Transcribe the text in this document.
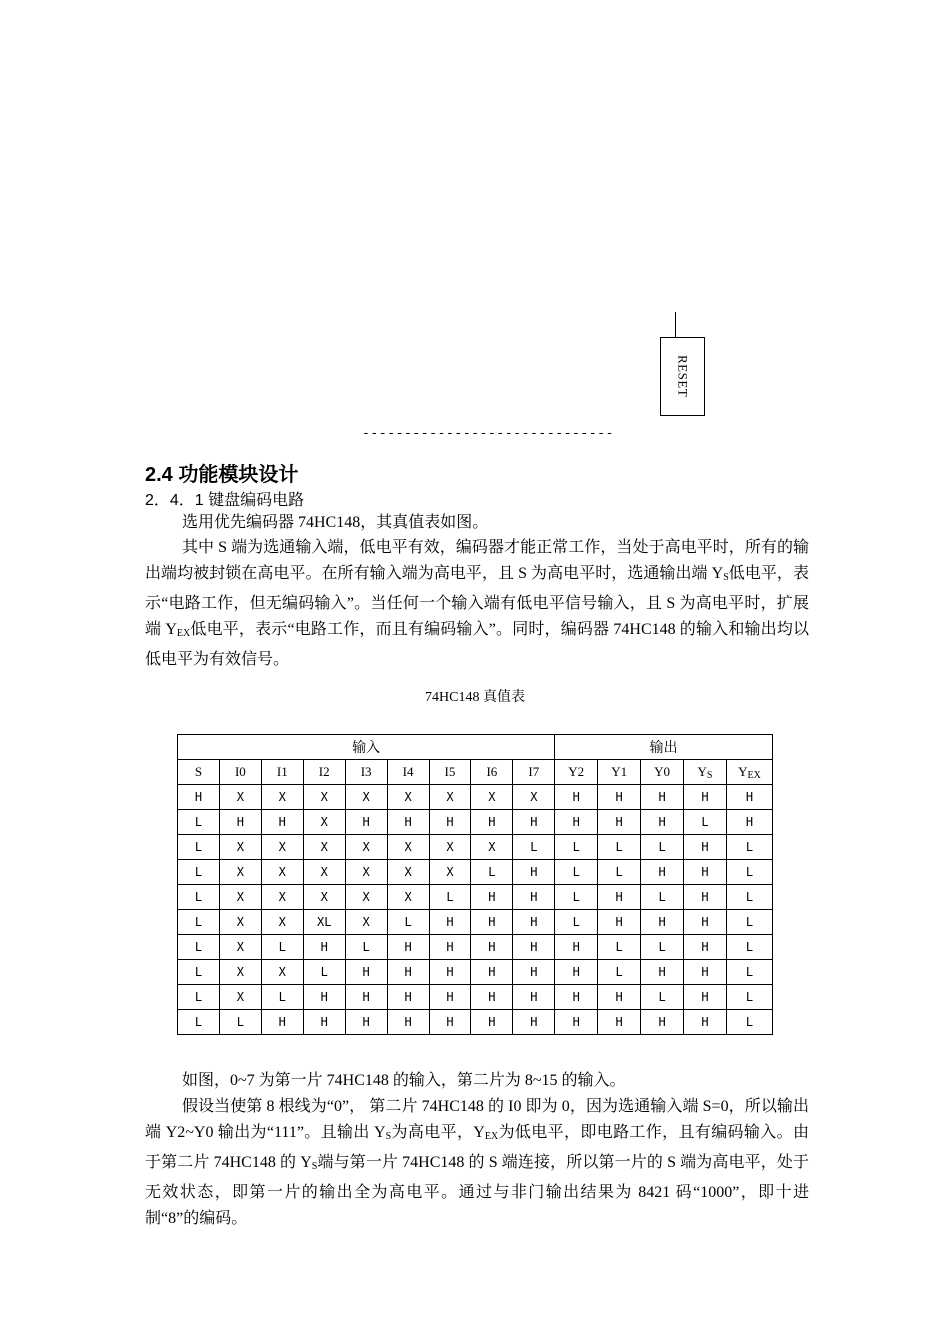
RESET
------------------------------
2.4 功能模块设计
2．4．1 键盘编码电路
选用优先编码器 74HC148，其真值表如图。
其中 S 端为选通输入端，低电平有效，编码器才能正常工作，当处于高电平时，所有的输出端均被封锁在高电平。在所有输入端为高电平，且 S 为高电平时，选通输出端 $Y_S$低电平，表示“电路工作，但无编码输入”。当任何一个输入端有低电平信号输入，且 S 为高电平时，扩展端 $Y_{EX}$低电平，表示“电路工作，而且有编码输入”。同时，编码器 74HC148 的输入和输出均以低电平为有效信号。
74HC148 真值表
输入									输出				
S	I0	I1	I2	I3	I4	I5	I6	I7	Y2	Y1	Y0	$Y_S$	$Y_{EX}$
H	X	X	X	X	X	X	X	X	H	H	H	H	H
L	H	H	X	H	H	H	H	H	H	H	H	L	H
L	X	X	X	X	X	X	X	L	L	L	L	H	L
L	X	X	X	X	X	X	L	H	L	L	H	H	L
L	X	X	X	X	X	L	H	H	L	H	L	H	L
L	X	X	XL	X	L	H	H	H	L	H	H	H	L
L	X	L	H	L	H	H	H	H	H	L	L	H	L
L	X	X	L	H	H	H	H	H	H	L	H	H	L
L	X	L	H	H	H	H	H	H	H	H	L	H	L
L	L	H	H	H	H	H	H	H	H	H	H	H	L
如图，0~7 为第一片 74HC148 的输入，第二片为 8~15 的输入。
假设当使第 8 根线为“0”， 第二片 74HC148 的 I0 即为 0，因为选通输入端 S=0，所以输出端 Y2~Y0 输出为“111”。且输出 $Y_S$为高电平，$Y_{EX}$为低电平，即电路工作，且有编码输入。由于第二片 74HC148 的 $Y_S$端与第一片 74HC148 的 S 端连接，所以第一片的 S 端为高电平，处于无效状态，即第一片的输出全为高电平。通过与非门输出结果为 8421 码“1000”，即十进制“8”的编码。
